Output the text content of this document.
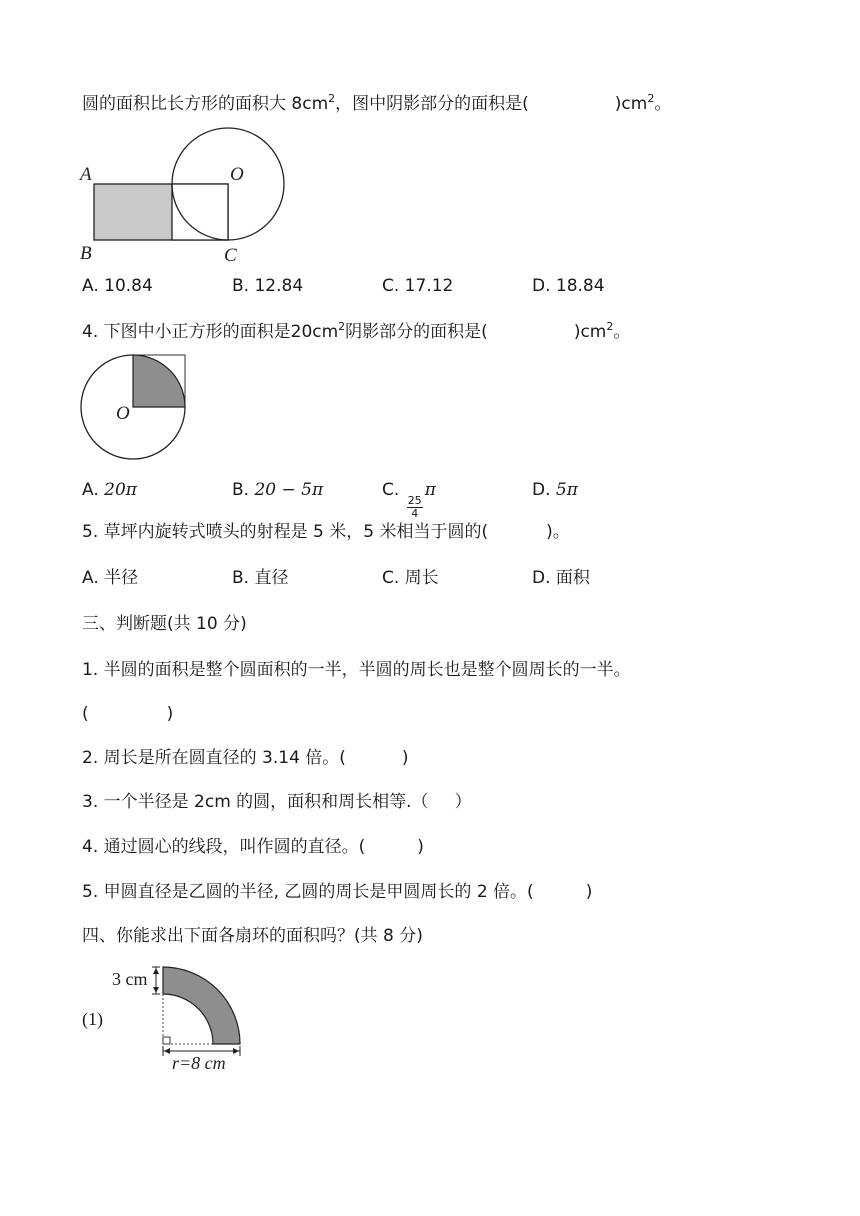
圆的面积比长方形的面积大 $8cm^2$，图中阴影部分的面积是(	)$cm^2$。
A
B	C
O
A. 10.84	B. 12.84	C. 17.12	D. 18.84
4. 下图中小正方形的面积是$20cm^2$阴影部分的面积是(	)$cm^2$。
O
A. 20π	B. 20 − 5π	C.
$\frac{25}{4}$
π	D. 5π
5. 草坪内旋转式喷头的射程是 5 米，5 米相当于圆的(	)。
A. 半径	B. 直径	C. 周长	D. 面积
三、判断题(共 10 分)
1. 半圆的面积是整个圆面积的一半，半圆的周长也是整个圆周长的一半。
(	)
2. 周长是所在圆直径的 3.14 倍。(	)
3. 一个半径是 2cm 的圆，面积和周长相等.（ ）
4. 通过圆心的线段，叫作圆的直径。(	)
5. 甲圆直径是乙圆的半径, 乙圆的周长是甲圆周长的 2 倍。(	)
四、你能求出下面各扇环的面积吗？(共 8 分)
(1)
3 cm
r=8 cm
